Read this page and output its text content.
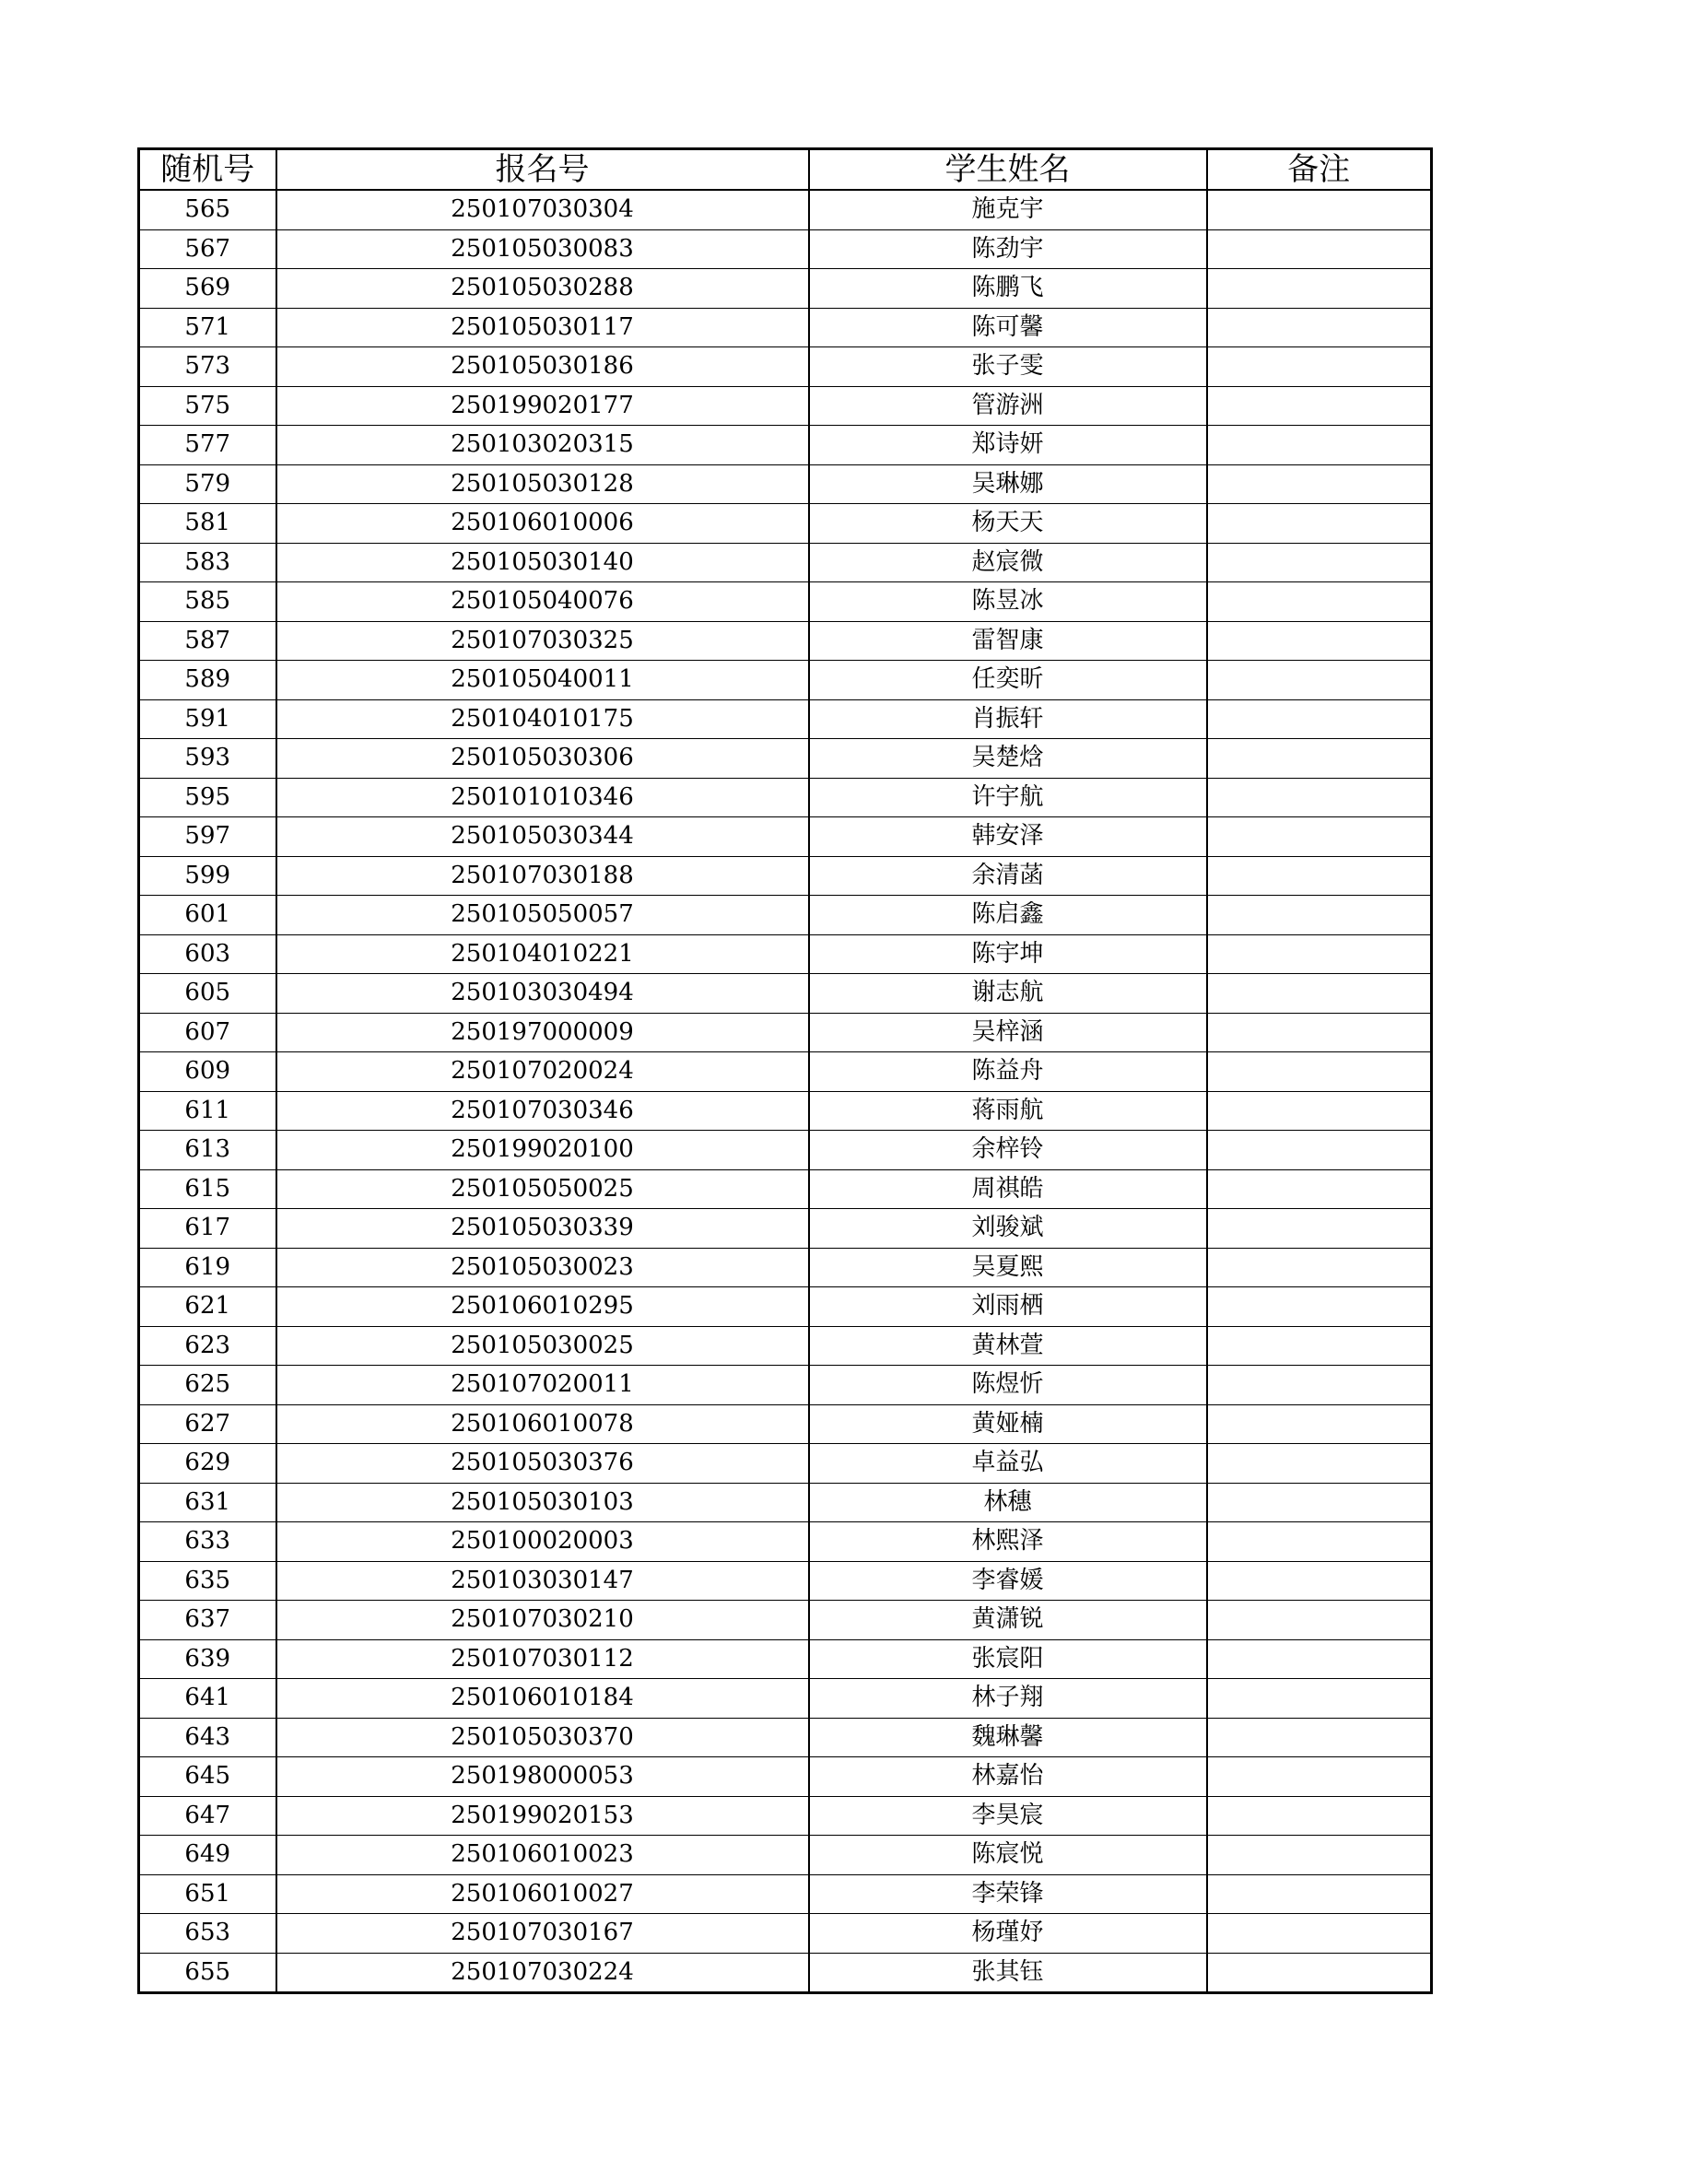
随机号	报名号	学生姓名	备注
565	250107030304	施克宇	
567	250105030083	陈劲宇	
569	250105030288	陈鹏飞	
571	250105030117	陈可馨	
573	250105030186	张子雯	
575	250199020177	管游洲	
577	250103020315	郑诗妍	
579	250105030128	吴琳娜	
581	250106010006	杨天天	
583	250105030140	赵宸微	
585	250105040076	陈昱冰	
587	250107030325	雷智康	
589	250105040011	任奕昕	
591	250104010175	肖振轩	
593	250105030306	吴楚焓	
595	250101010346	许宇航	
597	250105030344	韩安泽	
599	250107030188	余清菡	
601	250105050057	陈启鑫	
603	250104010221	陈宇坤	
605	250103030494	谢志航	
607	250197000009	吴梓涵	
609	250107020024	陈益舟	
611	250107030346	蒋雨航	
613	250199020100	余梓铃	
615	250105050025	周祺皓	
617	250105030339	刘骏斌	
619	250105030023	吴夏熙	
621	250106010295	刘雨栖	
623	250105030025	黄林萱	
625	250107020011	陈煜忻	
627	250106010078	黄娅楠	
629	250105030376	卓益弘	
631	250105030103	林穗	
633	250100020003	林熙泽	
635	250103030147	李睿媛	
637	250107030210	黄潇锐	
639	250107030112	张宸阳	
641	250106010184	林子翔	
643	250105030370	魏琳馨	
645	250198000053	林嘉怡	
647	250199020153	李昊宸	
649	250106010023	陈宸悦	
651	250106010027	李荣锋	
653	250107030167	杨瑾妤	
655	250107030224	张其钰	
